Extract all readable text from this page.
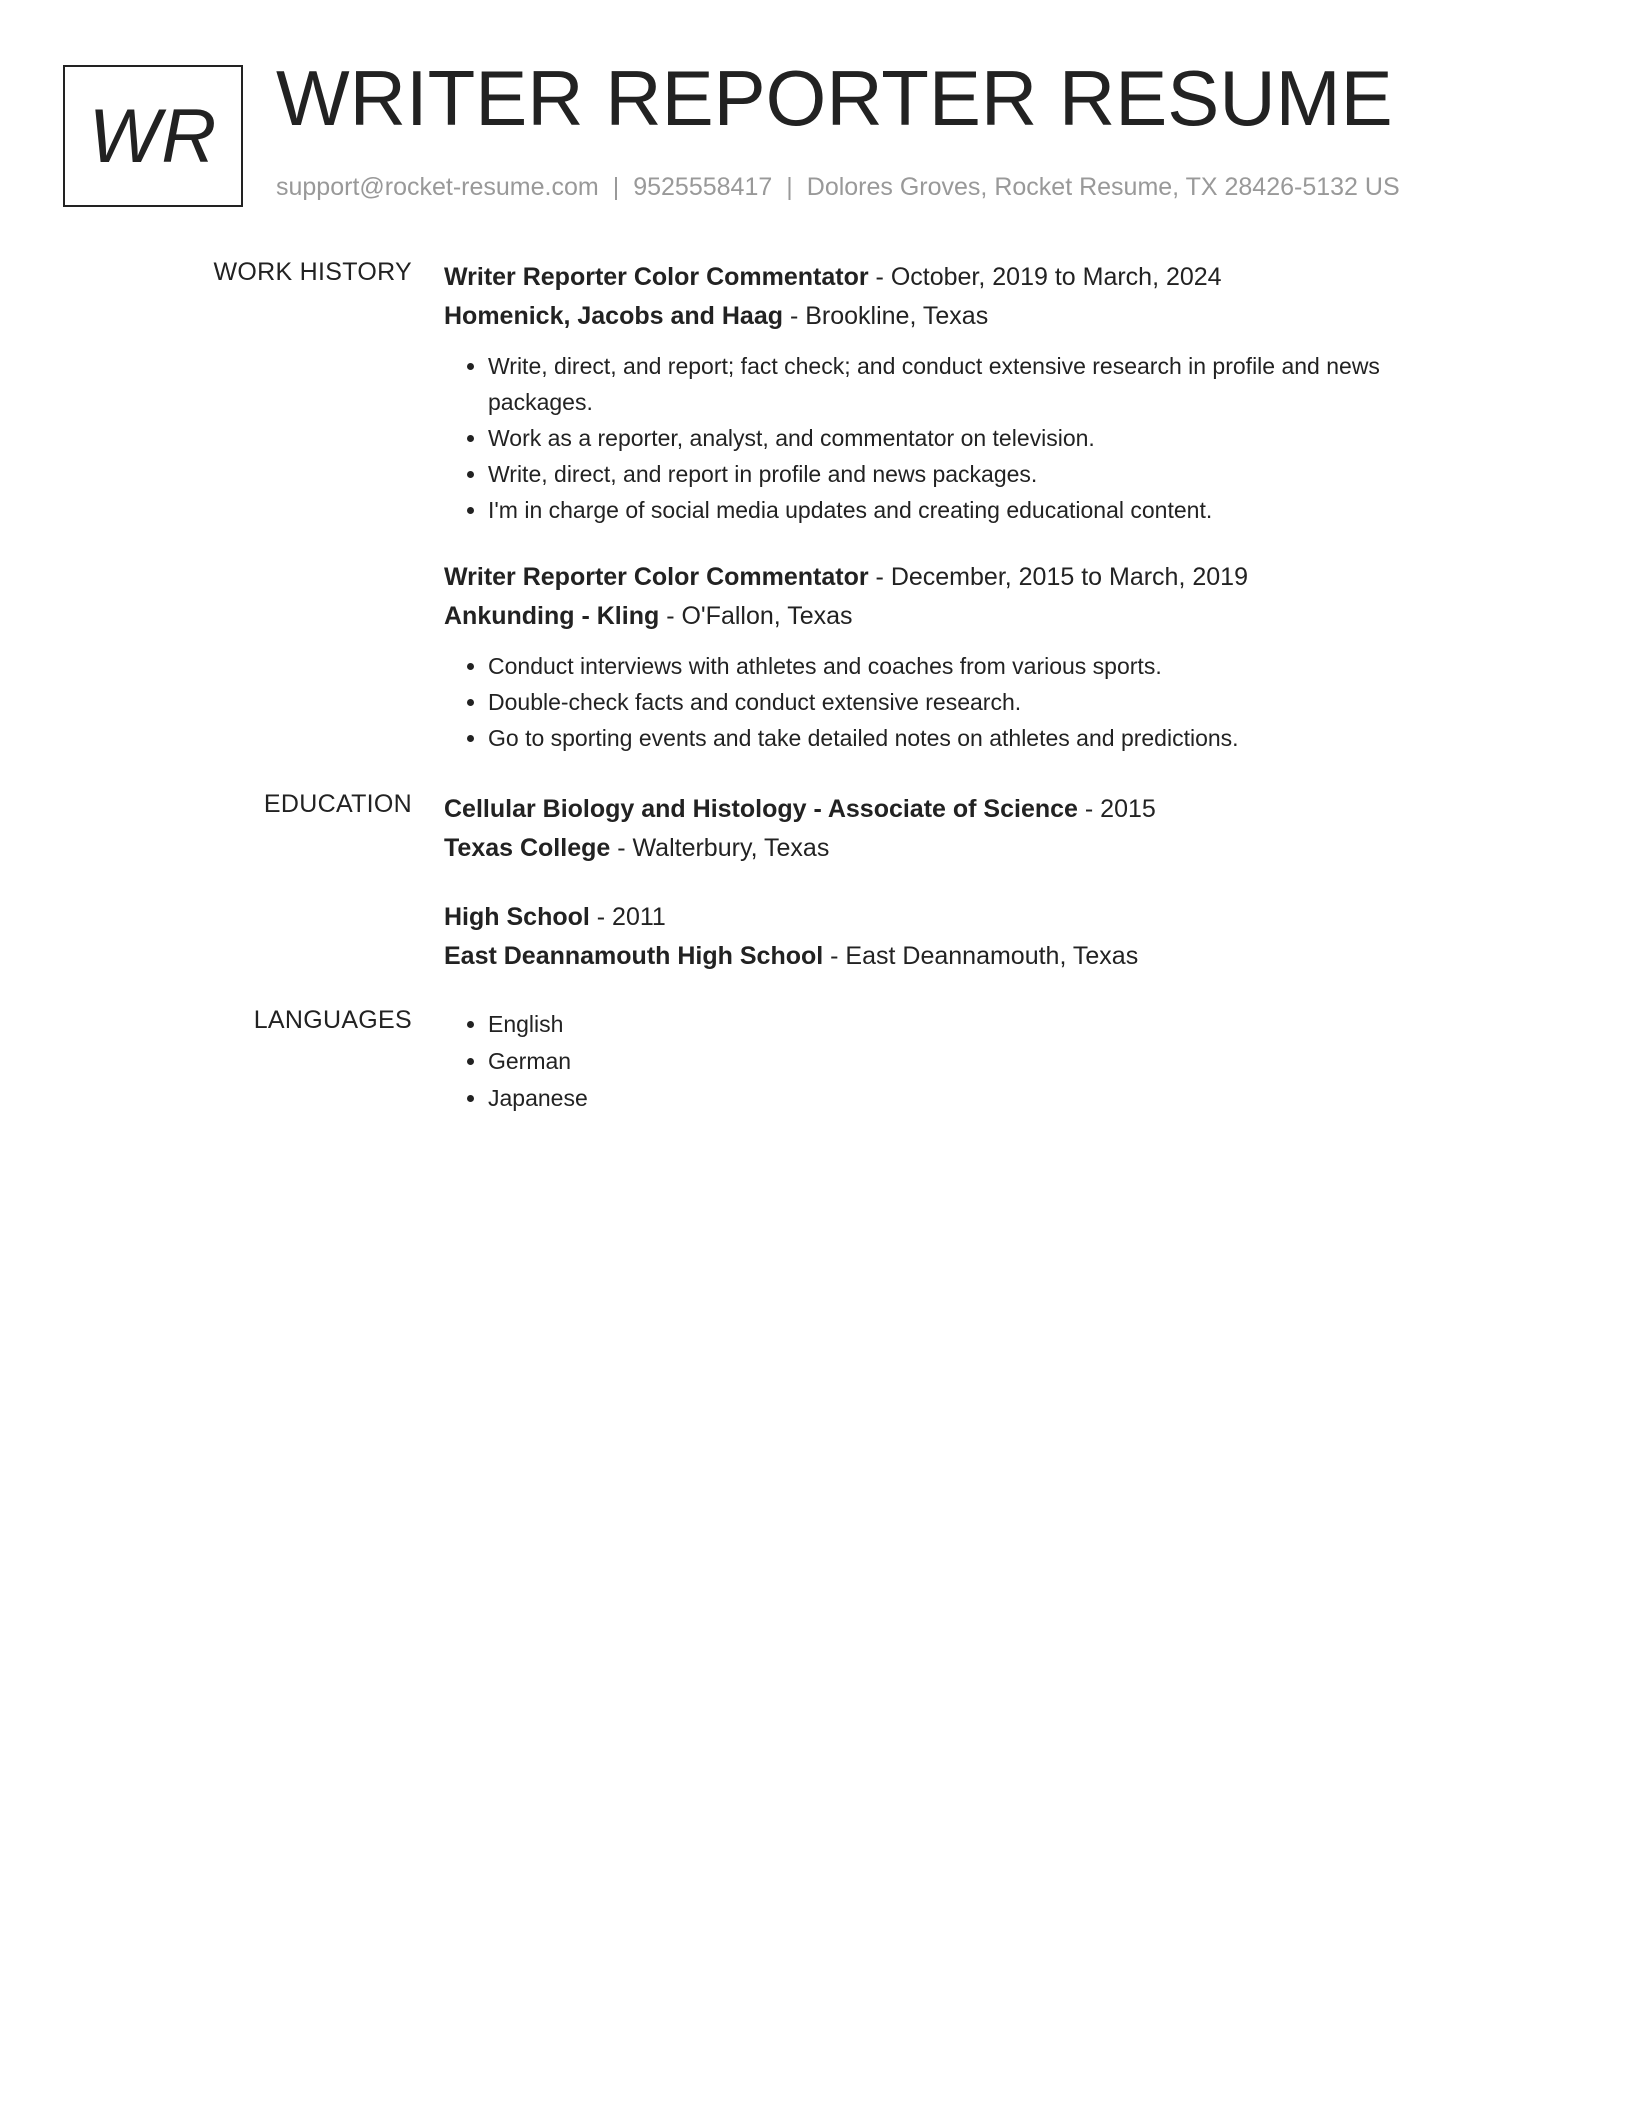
WR WRITER REPORTER RESUME
support@rocket-resume.com | 9525558417 | Dolores Groves, Rocket Resume, TX 28426-5132 US
WORK HISTORY Writer Reporter Color Commentator - October, 2019 to March, 2024
Homenick, Jacobs and Haag - Brookline, Texas
• Write, direct, and report; fact check; and conduct extensive research in profile and news packages.
• Work as a reporter, analyst, and commentator on television.
• Write, direct, and report in profile and news packages.
• I'm in charge of social media updates and creating educational content.
Writer Reporter Color Commentator - December, 2015 to March, 2019
Ankunding - Kling - O'Fallon, Texas
• Conduct interviews with athletes and coaches from various sports.
• Double-check facts and conduct extensive research.
• Go to sporting events and take detailed notes on athletes and predictions.
EDUCATION Cellular Biology and Histology - Associate of Science - 2015
Texas College - Walterbury, Texas
High School - 2011
East Deannamouth High School - East Deannamouth, Texas
LANGUAGES
•	English
• German
• Japanese
